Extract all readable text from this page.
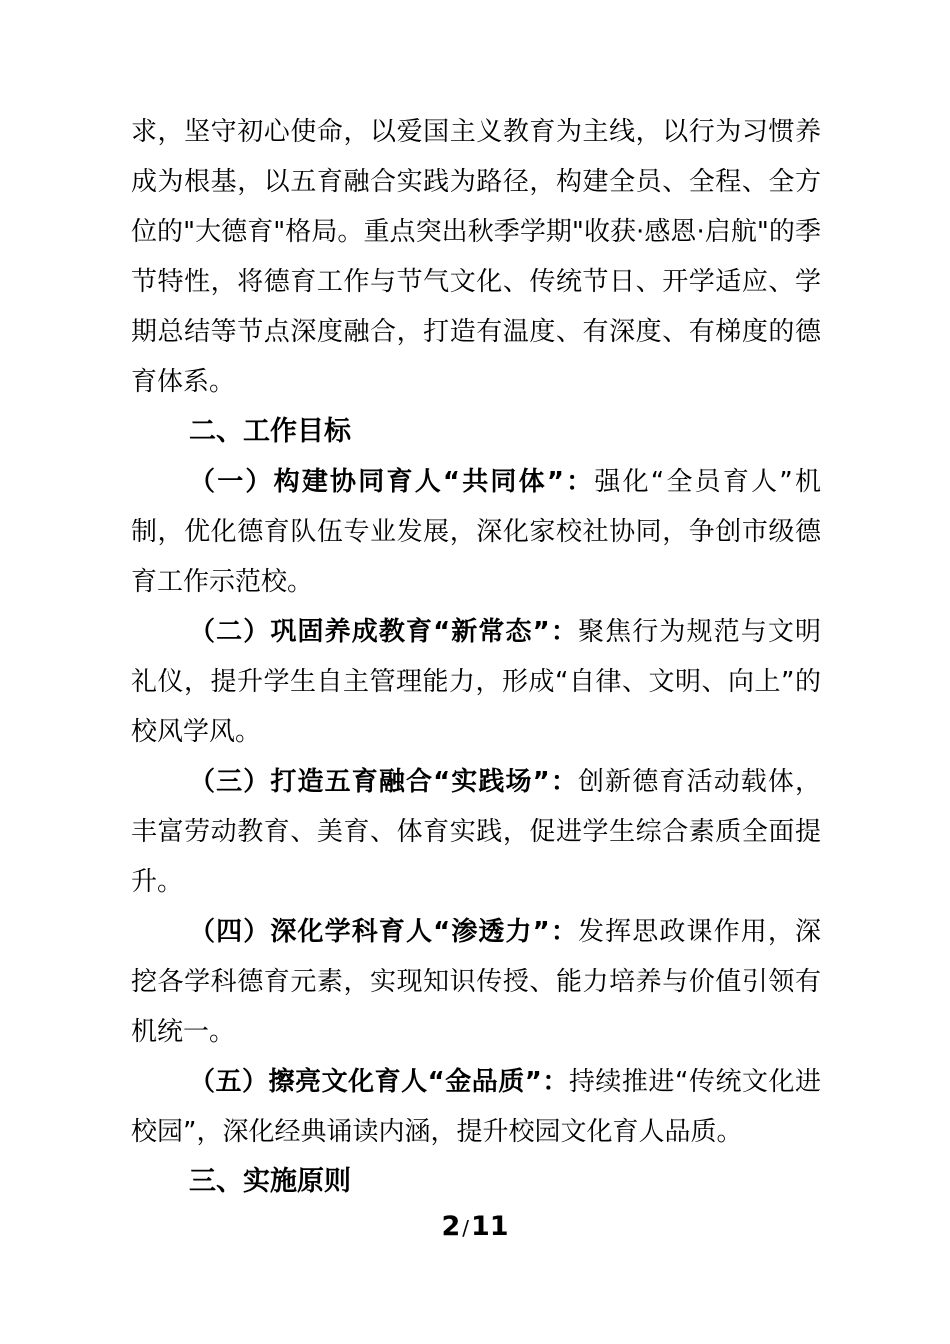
求，坚守初心使命，以爱国主义教育为主线，以行为习惯养成为根基，以五育融合实践为路径，构建全员、全程、全方位的"大德育"格局。重点突出秋季学期"收获·感恩·启航"的季节特性，将德育工作与节气文化、传统节日、开学适应、学期总结等节点深度融合，打造有温度、有深度、有梯度的德育体系。

二、工作目标

（一）构建协同育人“共同体”：强化“全员育人”机制，优化德育队伍专业发展，深化家校社协同，争创市级德育工作示范校。

（二）巩固养成教育“新常态”：聚焦行为规范与文明礼仪，提升学生自主管理能力，形成“自律、文明、向上”的校风学风。

（三）打造五育融合“实践场”：创新德育活动载体，丰富劳动教育、美育、体育实践，促进学生综合素质全面提升。

（四）深化学科育人“渗透力”：发挥思政课作用，深挖各学科德育元素，实现知识传授、能力培养与价值引领有机统一。

（五）擦亮文化育人“金品质”：持续推进“传统文化进校园”，深化经典诵读内涵，提升校园文化育人品质。

三、实施原则
2 /11
